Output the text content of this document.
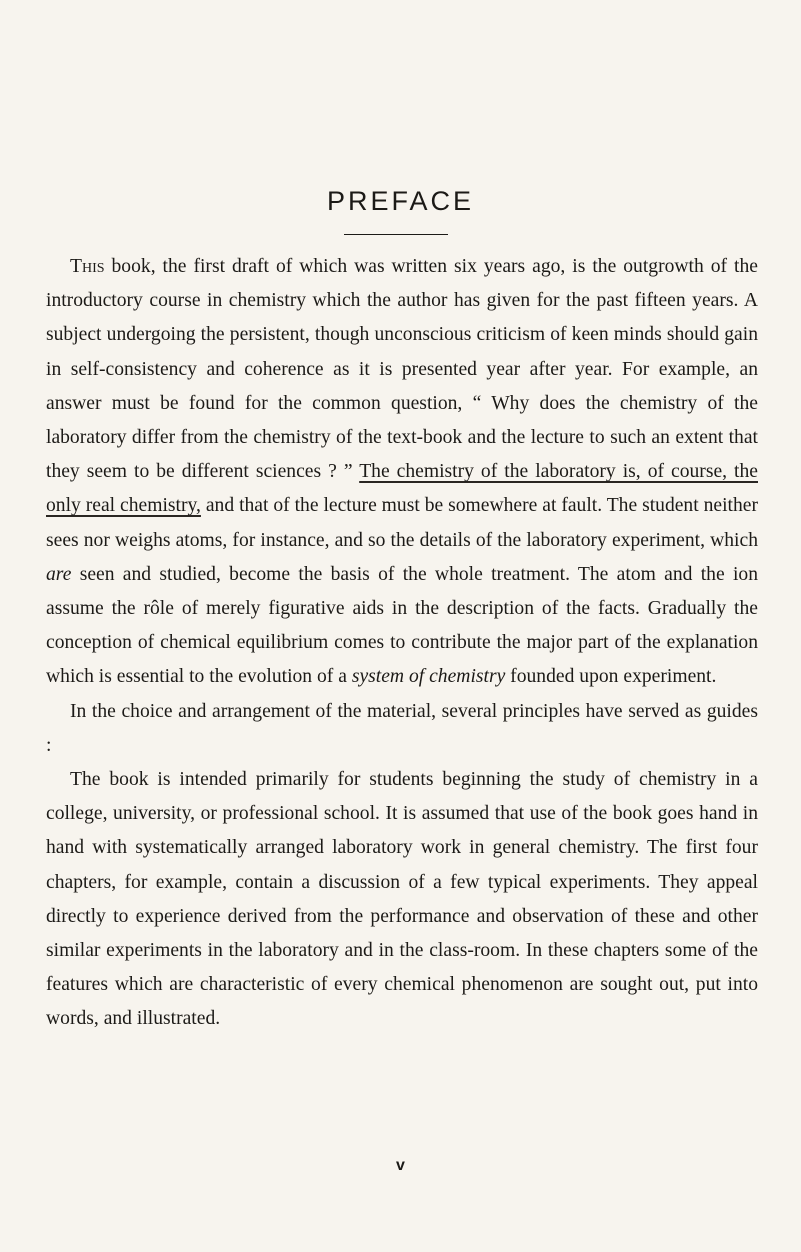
PREFACE

This book, the first draft of which was written six years ago, is the outgrowth of the introductory course in chemistry which the author has given for the past fifteen years. A subject undergoing the persistent, though unconscious criticism of keen minds should gain in self-consistency and coherence as it is presented year after year. For example, an answer must be found for the common question, “ Why does the chemistry of the laboratory differ from the chemistry of the text-book and the lecture to such an extent that they seem to be different sciences ? ” The chemistry of the laboratory is, of course, the only real chemistry, and that of the lecture must be somewhere at fault. The student neither sees nor weighs atoms, for instance, and so the details of the laboratory experiment, which are seen and studied, become the basis of the whole treatment. The atom and the ion assume the rôle of merely figurative aids in the description of the facts. Gradually the conception of chemical equilibrium comes to contribute the major part of the explanation which is essential to the evolution of a system of chemistry founded upon experiment.

In the choice and arrangement of the material, several principles have served as guides :

The book is intended primarily for students beginning the study of chemistry in a college, university, or professional school. It is assumed that use of the book goes hand in hand with systematically arranged laboratory work in general chemistry. The first four chapters, for example, contain a discussion of a few typical experiments. They appeal directly to experience derived from the performance and observation of these and other similar experiments in the laboratory and in the class-room. In these chapters some of the features which are characteristic of every chemical phenomenon are sought out, put into words, and illustrated.

v
